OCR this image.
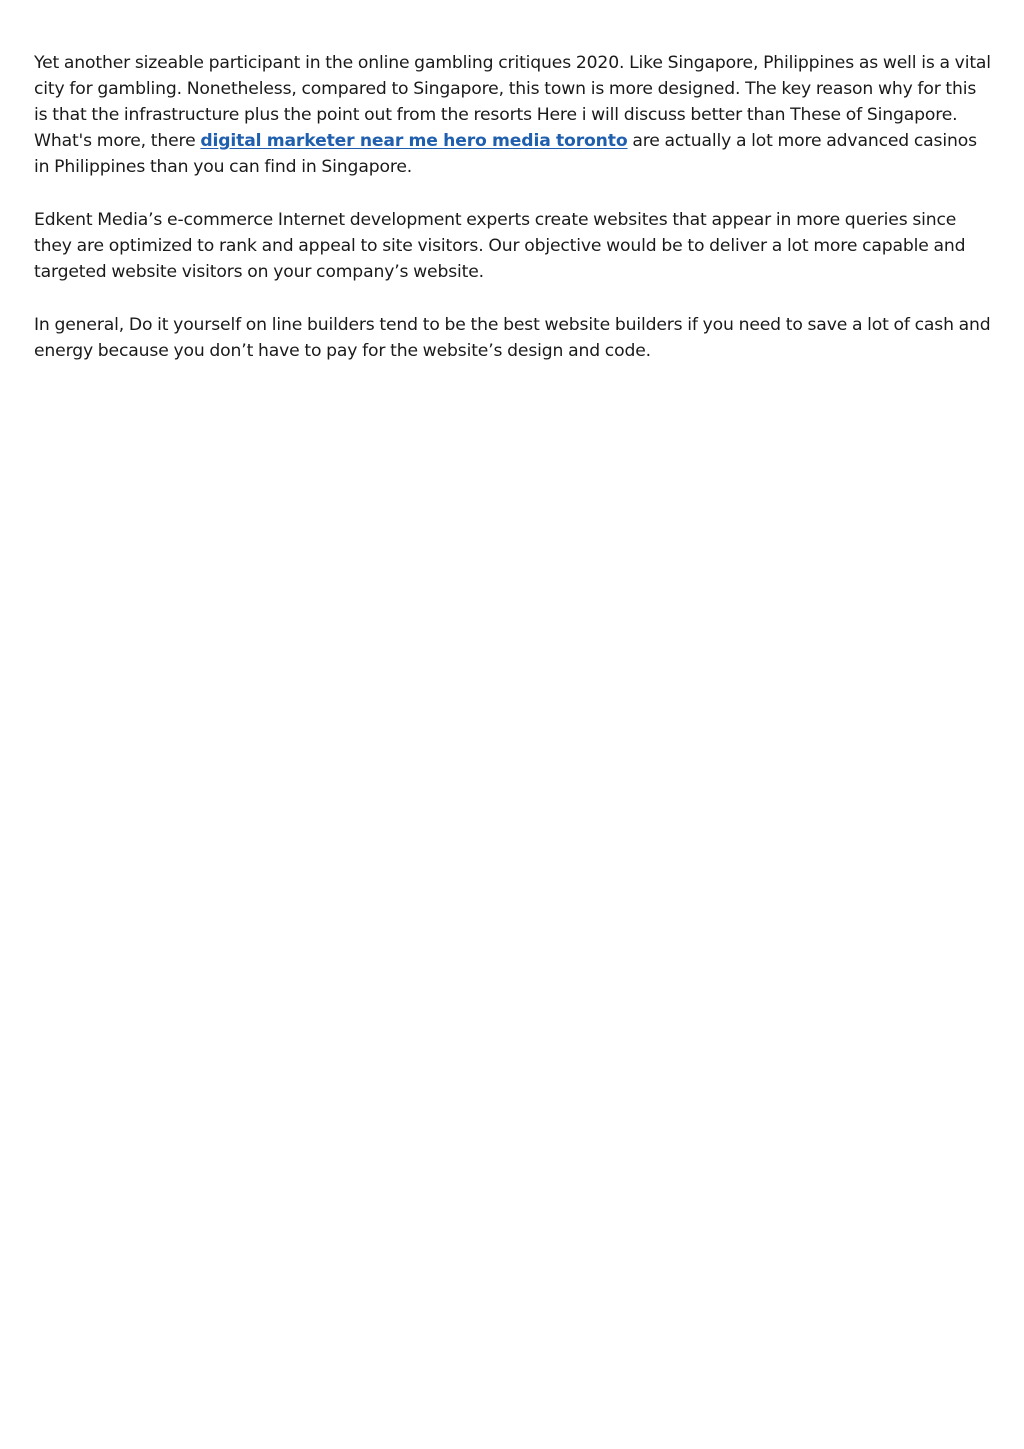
Yet another sizeable participant in the online gambling critiques 2020. Like Singapore, Philippines as well is a vital city for gambling. Nonetheless, compared to Singapore, this town is more designed. The key reason why for this is that the infrastructure plus the point out from the resorts Here i will discuss better than These of Singapore. What's more, there digital marketer near me hero media toronto are actually a lot more advanced casinos in Philippines than you can find in Singapore.

Edkent Media’s e-commerce Internet development experts create websites that appear in more queries since they are optimized to rank and appeal to site visitors. Our objective would be to deliver a lot more capable and targeted website visitors on your company’s website.

In general, Do it yourself on line builders tend to be the best website builders if you need to save a lot of cash and energy because you don’t have to pay for the website’s design and code.
